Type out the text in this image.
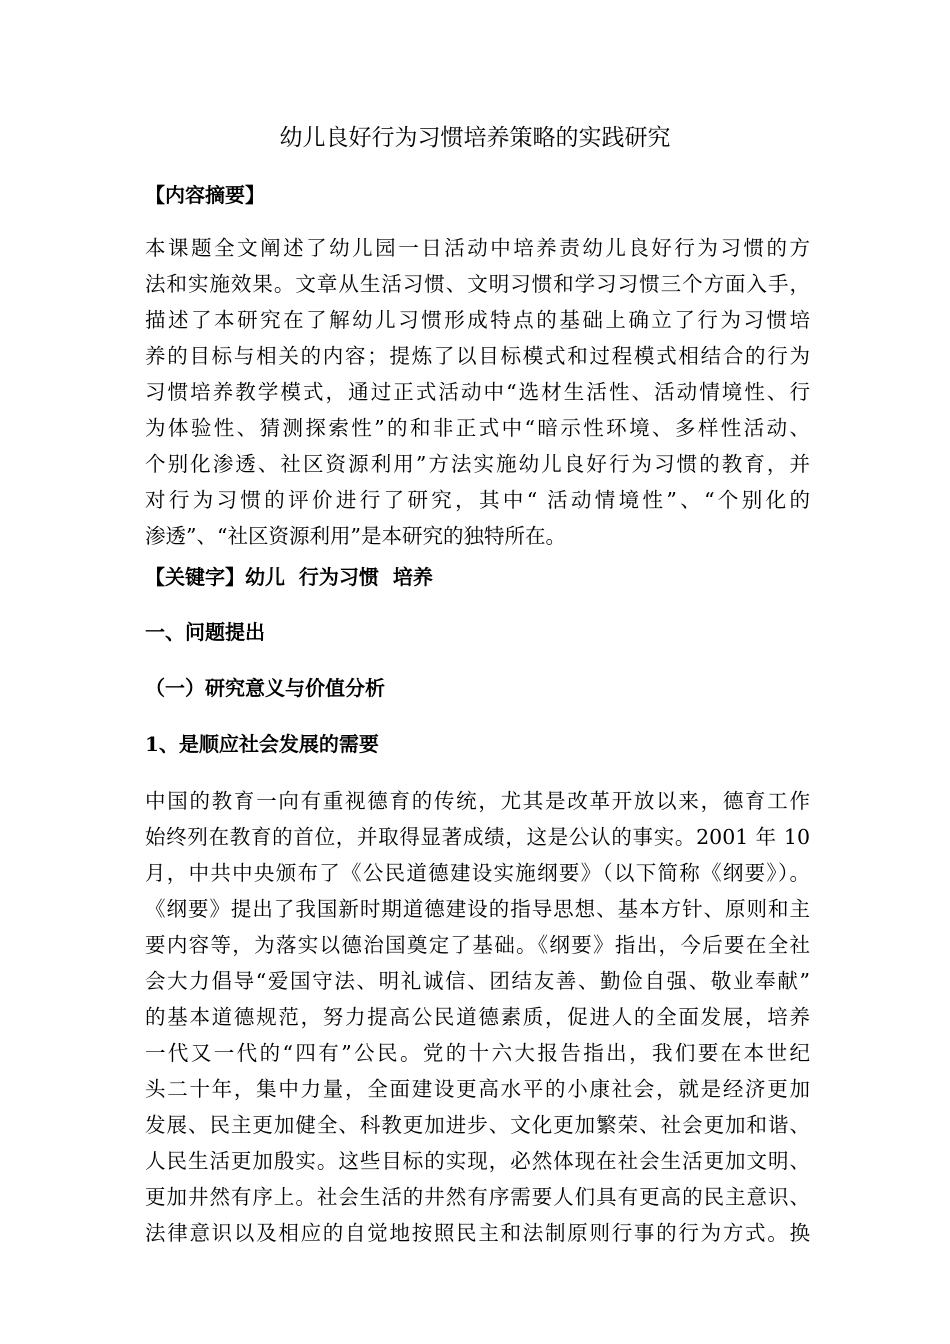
幼儿良好行为习惯培养策略的实践研究
【内容摘要】
本课题全文阐述了幼儿园一日活动中培养责幼儿良好行为习惯的方
法和实施效果。文章从生活习惯、文明习惯和学习习惯三个方面入手，
描述了本研究在了解幼儿习惯形成特点的基础上确立了行为习惯培
养的目标与相关的内容；提炼了以目标模式和过程模式相结合的行为
习惯培养教学模式，通过正式活动中“选材生活性、活动情境性、行
为体验性、猜测探索性”的和非正式中“暗示性环境、多样性活动、
个别化渗透、社区资源利用”方法实施幼儿良好行为习惯的教育，并
对行为习惯的评价进行了研究，其中“ 活动情境性”、“个别化的
渗透”、“社区资源利用”是本研究的独特所在。
【关键字】幼儿  行为习惯  培养
一、问题提出
（一）研究意义与价值分析
1、是顺应社会发展的需要
中国的教育一向有重视德育的传统，尤其是改革开放以来，德育工作
始终列在教育的首位，并取得显著成绩，这是公认的事实。2001 年 10
月，中共中央颁布了《公民道德建设实施纲要》（以下简称《纲要》）。
《纲要》提出了我国新时期道德建设的指导思想、基本方针、原则和主
要内容等，为落实以德治国奠定了基础。《纲要》指出，今后要在全社
会大力倡导“爱国守法、明礼诚信、团结友善、勤俭自强、敬业奉献”
的基本道德规范，努力提高公民道德素质，促进人的全面发展，培养
一代又一代的“四有”公民。党的十六大报告指出，我们要在本世纪
头二十年，集中力量，全面建设更高水平的小康社会，就是经济更加
发展、民主更加健全、科教更加进步、文化更加繁荣、社会更加和谐、
人民生活更加殷实。这些目标的实现，必然体现在社会生活更加文明、
更加井然有序上。社会生活的井然有序需要人们具有更高的民主意识、
法律意识以及相应的自觉地按照民主和法制原则行事的行为方式。换
